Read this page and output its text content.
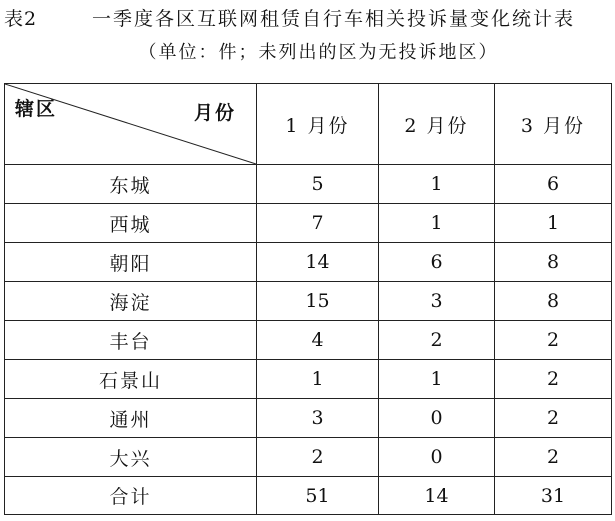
表2	一季度各区互联网租赁自行车相关投诉量变化统计表
（单位：件；未列出的区为无投诉地区）
辖区 月份	1 月份	2 月份	3 月份
东城	5	1	6
西城	7	1	1
朝阳	14	6	8
海淀	15	3	8
丰台	4	2	2
石景山	1	1	2
通州	3	0	2
大兴	2	0	2
合计	51	14	31
